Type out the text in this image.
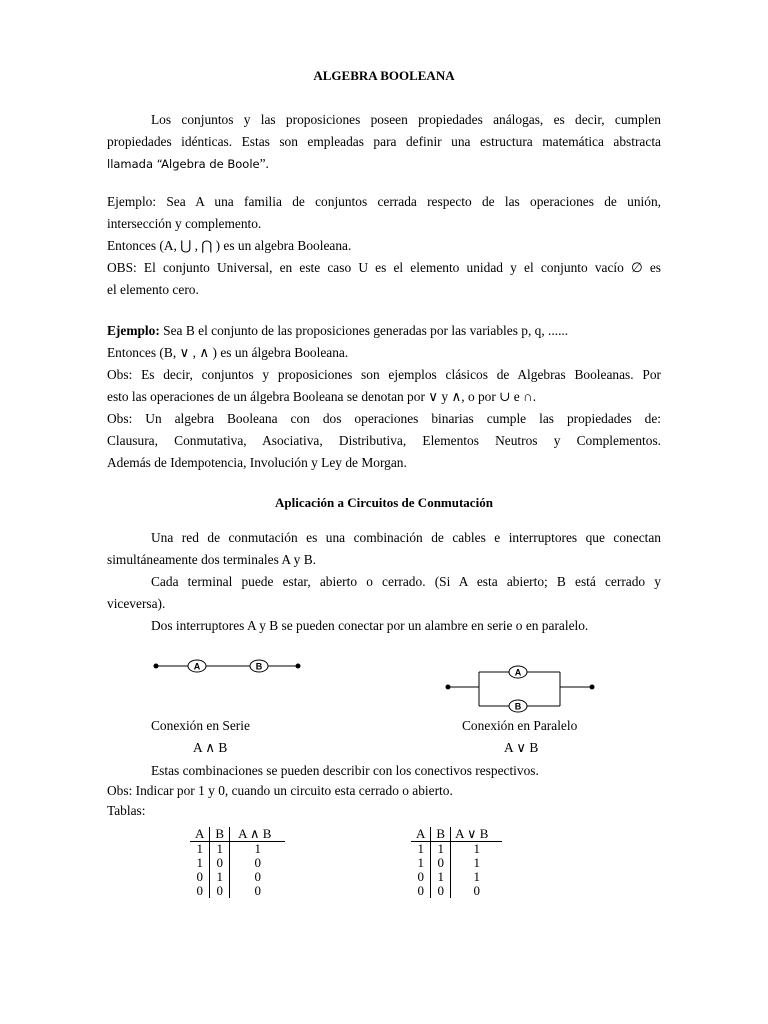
ALGEBRA BOOLEANA

Los conjuntos y las proposiciones poseen propiedades análogas, es decir, cumplen

propiedades idénticas. Estas son empleadas para definir una estructura matemática abstracta

llamada “Algebra de Boole”.

Ejemplo: Sea A una familia de conjuntos cerrada respecto de las operaciones de unión,

intersección y complemento.

Entonces (A, ⋃ , ⋂ ) es un algebra Booleana.

OBS: El conjunto Universal, en este caso U es el elemento unidad y el conjunto vacío ∅ es

el elemento cero.

Ejemplo: Sea B el conjunto de las proposiciones generadas por las variables p, q, ......

Entonces (B, ∨ , ∧ ) es un álgebra Booleana.

Obs: Es decir, conjuntos y proposiciones son ejemplos clásicos de Algebras Booleanas. Por

esto las operaciones de un álgebra Booleana se denotan por ∨ y ∧, o por ∪ e ∩.

Obs: Un algebra Booleana con dos operaciones binarias cumple las propiedades de:

Clausura, Conmutativa, Asociativa, Distributiva, Elementos Neutros y Complementos.

Además de Idempotencia, Involución y Ley de Morgan.

Aplicación a Circuitos de Conmutación

Una red de conmutación es una combinación de cables e interruptores que conectan

simultáneamente dos terminales A y B.

Cada terminal puede estar, abierto o cerrado. (Si A esta abierto; B está cerrado y

viceversa).

Dos interruptores A y B se pueden conectar por un alambre en serie o en paralelo.

A	B
A
B
Conexión en Serie
A ∧ B
Conexión en Paralelo
A ∨ B
Estas combinaciones se pueden describir con los conectivos respectivos.
Obs: Indicar por 1 y 0, cuando un circuito esta cerrado o abierto.
Tablas:
A	B	A ∧ B
1	1	1
1	0	0
0	1	0
0	0	0
A	B	A ∨ B
1	1	1
1	0	1
0	1	1
0	0	0
